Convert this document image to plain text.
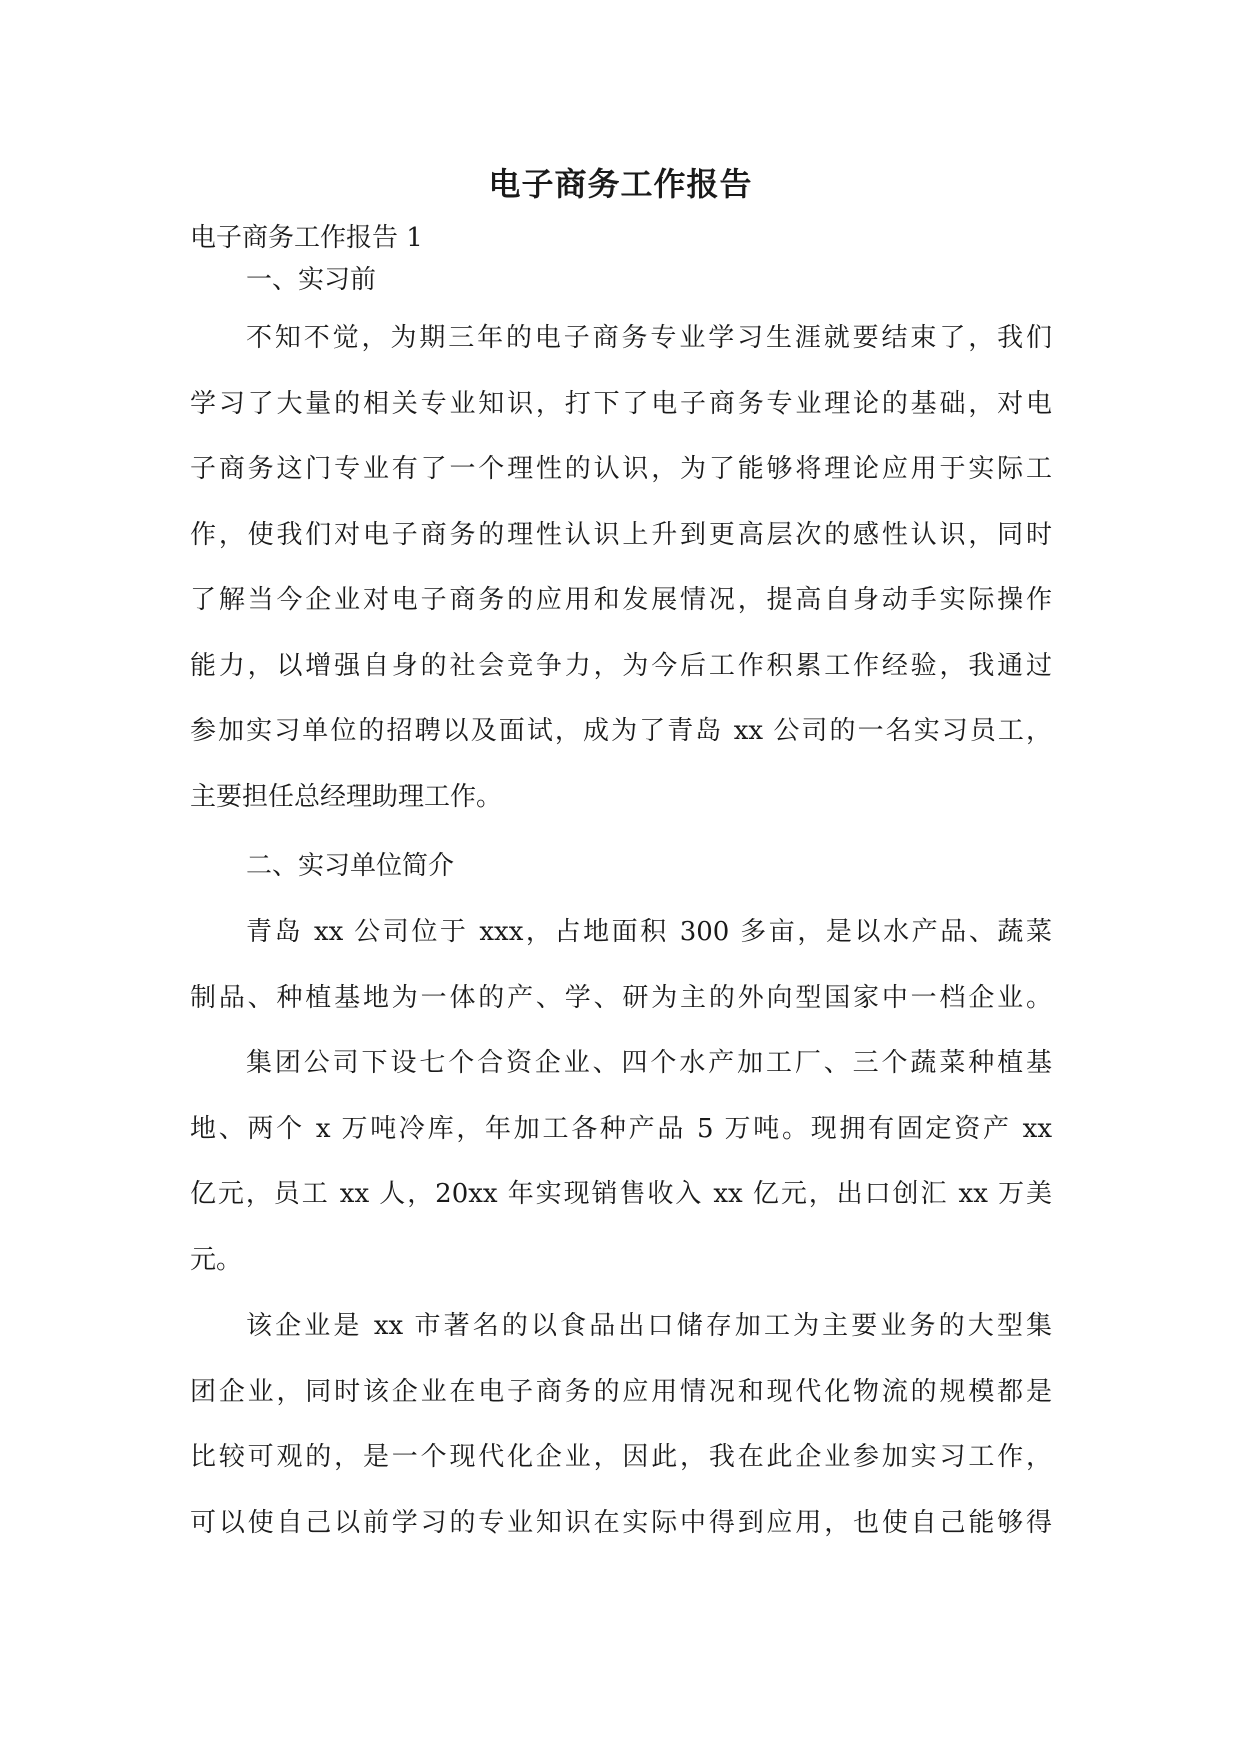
电子商务工作报告
电子商务工作报告 1
一、实习前
不知不觉，为期三年的电子商务专业学习生涯就要结束了，我们
学习了大量的相关专业知识，打下了电子商务专业理论的基础，对电
子商务这门专业有了一个理性的认识，为了能够将理论应用于实际工
作，使我们对电子商务的理性认识上升到更高层次的感性认识，同时
了解当今企业对电子商务的应用和发展情况，提高自身动手实际操作
能力，以增强自身的社会竞争力，为今后工作积累工作经验，我通过
参加实习单位的招聘以及面试，成为了青岛 xx 公司的一名实习员工，
主要担任总经理助理工作。
二、实习单位简介
青岛 xx 公司位于 xxx，占地面积 300 多亩，是以水产品、蔬菜
制品、种植基地为一体的产、学、研为主的外向型国家中一档企业。
集团公司下设七个合资企业、四个水产加工厂、三个蔬菜种植基
地、两个 x 万吨冷库，年加工各种产品 5 万吨。现拥有固定资产 xx
亿元，员工 xx 人，20xx 年实现销售收入 xx 亿元，出口创汇 xx 万美
元。
该企业是 xx 市著名的以食品出口储存加工为主要业务的大型集
团企业，同时该企业在电子商务的应用情况和现代化物流的规模都是
比较可观的，是一个现代化企业，因此，我在此企业参加实习工作，
可以使自己以前学习的专业知识在实际中得到应用，也使自己能够得
